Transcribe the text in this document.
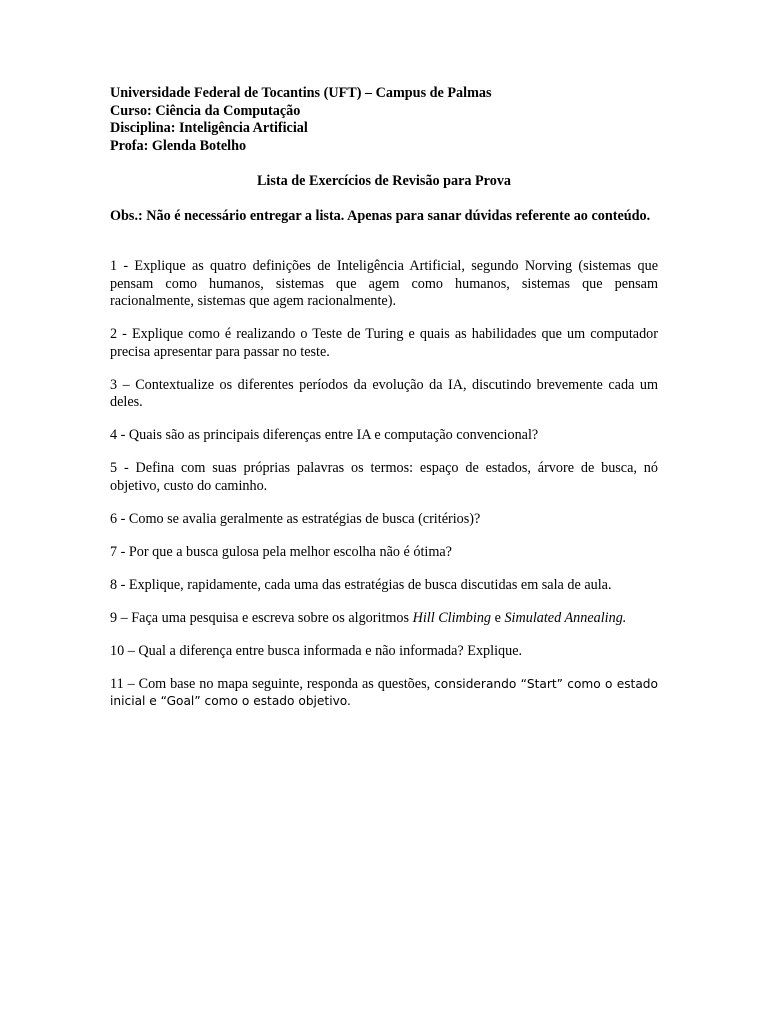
Universidade Federal de Tocantins (UFT) – Campus de Palmas
Curso: Ciência da Computação
Disciplina: Inteligência Artificial
Profa: Glenda Botelho
Lista de Exercícios de Revisão para Prova
Obs.: Não é necessário entregar a lista. Apenas para sanar dúvidas referente ao conteúdo.
1 - Explique as quatro definições de Inteligência Artificial, segundo Norving (sistemas que pensam como humanos, sistemas que agem como humanos, sistemas que pensam racionalmente, sistemas que agem racionalmente).
2 - Explique como é realizando o Teste de Turing e quais as habilidades que um computador precisa apresentar para passar no teste.
3 – Contextualize os diferentes períodos da evolução da IA, discutindo brevemente cada um deles.
4 - Quais são as principais diferenças entre IA e computação convencional?
5 - Defina com suas próprias palavras os termos: espaço de estados, árvore de busca, nó objetivo, custo do caminho.
6 - Como se avalia geralmente as estratégias de busca (critérios)?
7 - Por que a busca gulosa pela melhor escolha não é ótima?
8 - Explique, rapidamente, cada uma das estratégias de busca discutidas em sala de aula.
9 – Faça uma pesquisa e escreva sobre os algoritmos Hill Climbing e Simulated Annealing.
10 – Qual a diferença entre busca informada e não informada? Explique.
11 – Com base no mapa seguinte, responda as questões, considerando “Start” como o estado inicial e “Goal” como o estado objetivo.
